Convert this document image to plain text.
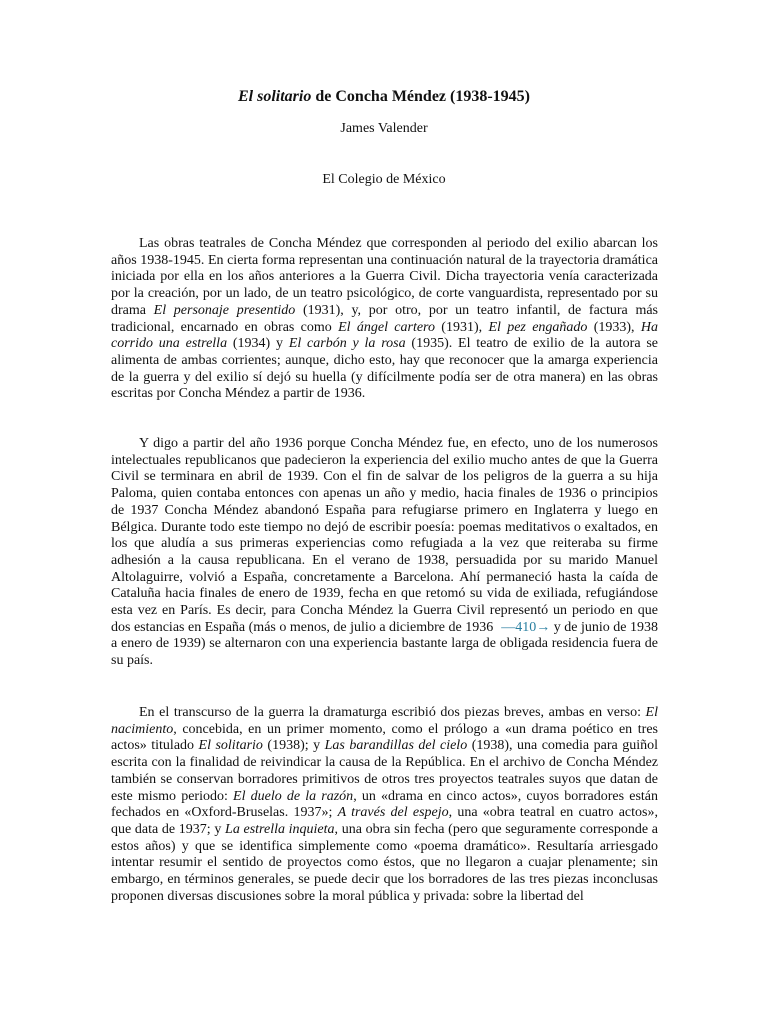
El solitario de Concha Méndez (1938-1945)

James Valender

El Colegio de México

Las obras teatrales de Concha Méndez que corresponden al periodo del exilio abarcan los años 1938-1945. En cierta forma representan una continuación natural de la trayectoria dramática iniciada por ella en los años anteriores a la Guerra Civil. Dicha trayectoria venía caracterizada por la creación, por un lado, de un teatro psicológico, de corte vanguardista, representado por su drama El personaje presentido (1931), y, por otro, por un teatro infantil, de factura más tradicional, encarnado en obras como El ángel cartero (1931), El pez engañado (1933), Ha corrido una estrella (1934) y El carbón y la rosa (1935). El teatro de exilio de la autora se alimenta de ambas corrientes; aunque, dicho esto, hay que reconocer que la amarga experiencia de la guerra y del exilio sí dejó su huella (y difícilmente podía ser de otra manera) en las obras escritas por Concha Méndez a partir de 1936.

Y digo a partir del año 1936 porque Concha Méndez fue, en efecto, uno de los numerosos intelectuales republicanos que padecieron la experiencia del exilio mucho antes de que la Guerra Civil se terminara en abril de 1939. Con el fin de salvar de los peligros de la guerra a su hija Paloma, quien contaba entonces con apenas un año y medio, hacia finales de 1936 o principios de 1937 Concha Méndez abandonó España para refugiarse primero en Inglaterra y luego en Bélgica. Durante todo este tiempo no dejó de escribir poesía: poemas meditativos o exaltados, en los que aludía a sus primeras experiencias como refugiada a la vez que reiteraba su firme adhesión a la causa republicana. En el verano de 1938, persuadida por su marido Manuel Altolaguirre, volvió a España, concretamente a Barcelona. Ahí permaneció hasta la caída de Cataluña hacia finales de enero de 1939, fecha en que retomó su vida de exiliada, refugiándose esta vez en París. Es decir, para Concha Méndez la Guerra Civil representó un periodo en que dos estancias en España (más o menos, de julio a diciembre de 1936 —410→ y de junio de 1938 a enero de 1939) se alternaron con una experiencia bastante larga de obligada residencia fuera de su país.

En el transcurso de la guerra la dramaturga escribió dos piezas breves, ambas en verso: El nacimiento, concebida, en un primer momento, como el prólogo a «un drama poético en tres actos» titulado El solitario (1938); y Las barandillas del cielo (1938), una comedia para guiñol escrita con la finalidad de reivindicar la causa de la República. En el archivo de Concha Méndez también se conservan borradores primitivos de otros tres proyectos teatrales suyos que datan de este mismo periodo: El duelo de la razón, un «drama en cinco actos», cuyos borradores están fechados en «Oxford-Bruselas. 1937»; A través del espejo, una «obra teatral en cuatro actos», que data de 1937; y La estrella inquieta, una obra sin fecha (pero que seguramente corresponde a estos años) y que se identifica simplemente como «poema dramático». Resultaría arriesgado intentar resumir el sentido de proyectos como éstos, que no llegaron a cuajar plenamente; sin embargo, en términos generales, se puede decir que los borradores de las tres piezas inconclusas proponen diversas discusiones sobre la moral pública y privada: sobre la libertad del
